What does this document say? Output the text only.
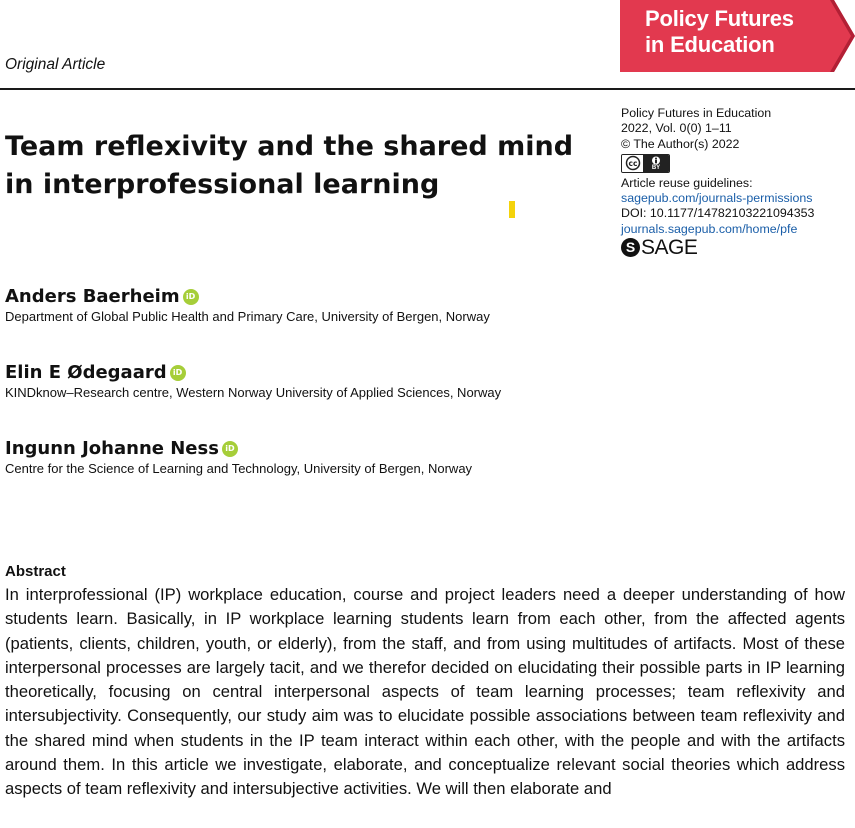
Policy Futures
in Education
Original Article
Team reflexivity and the shared mind
in interprofessional learning
Policy Futures in Education
2022, Vol. 0(0) 1–11
© The Author(s) 2022
cc BY
Article reuse guidelines:
sagepub.com/journals-permissions
DOI: 10.1177/14782103221094353
journals.sagepub.com/home/pfe
S SAGE
Anders Baerheim iD
Department of Global Public Health and Primary Care, University of Bergen, Norway
Elin E Ødegaard iD
KINDknow–Research centre, Western Norway University of Applied Sciences, Norway
Ingunn Johanne Ness iD
Centre for the Science of Learning and Technology, University of Bergen, Norway
Abstract

In interprofessional (IP) workplace education, course and project leaders need a deeper understanding of how students learn. Basically, in IP workplace learning students learn from each other, from the affected agents (patients, clients, children, youth, or elderly), from the staff, and from using multitudes of artifacts. Most of these interpersonal processes are largely tacit, and we therefor decided on elucidating their possible parts in IP learning theoretically, focusing on central interpersonal aspects of team learning processes; team reflexivity and intersubjectivity. Consequently, our study aim was to elucidate possible associations between team reflexivity and the shared mind when students in the IP team interact within each other, with the people and with the artifacts around them. In this article we investigate, elaborate, and conceptualize relevant social theories which address aspects of team reflexivity and intersubjective activities. We will then elaborate and
